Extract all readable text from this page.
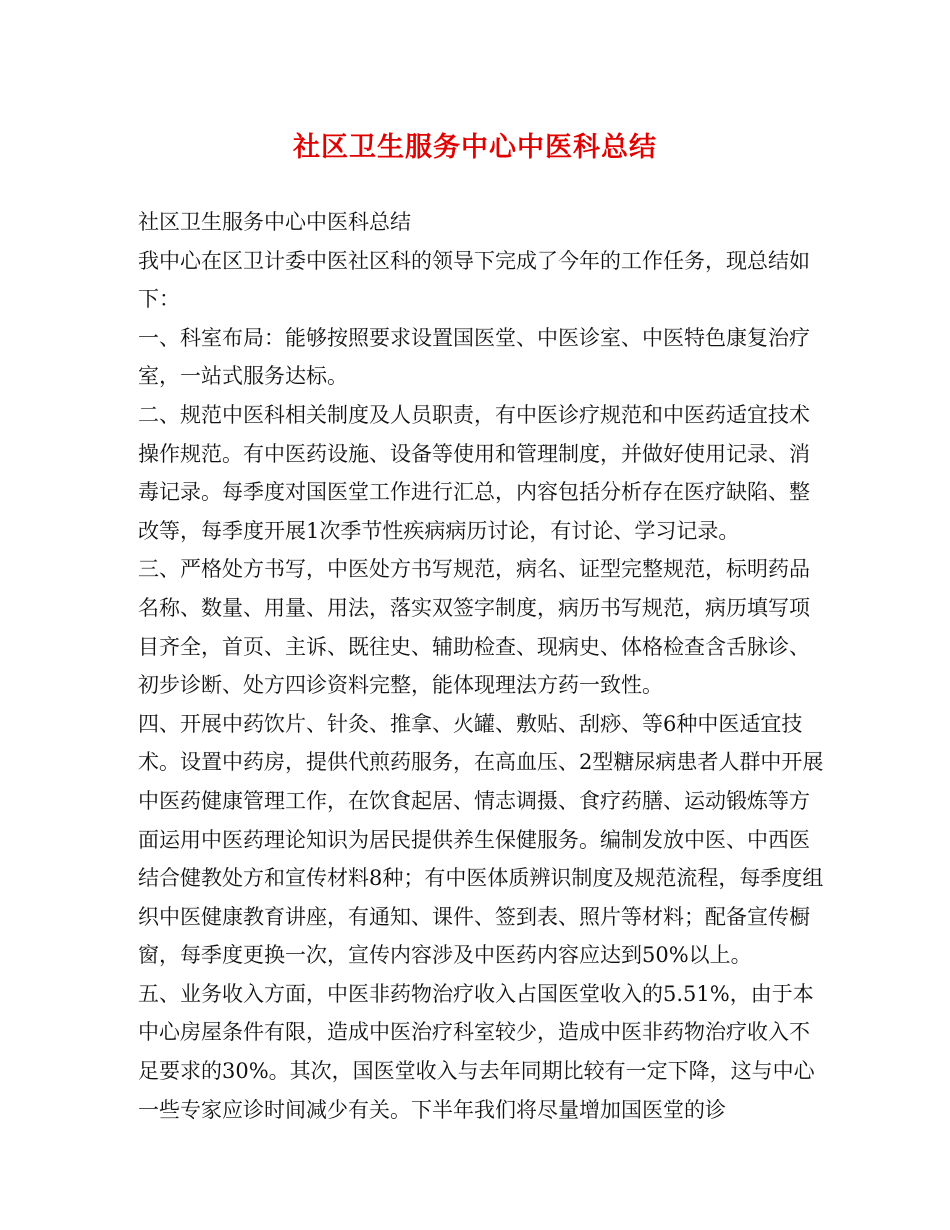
社区卫生服务中心中医科总结

社区卫生服务中心中医科总结

我中心在区卫计委中医社区科的领导下完成了今年的工作任务，现总结如下：

一、科室布局：能够按照要求设置国医堂、中医诊室、中医特色康复治疗室，一站式服务达标。

二、规范中医科相关制度及人员职责，有中医诊疗规范和中医药适宜技术操作规范。有中医药设施、设备等使用和管理制度，并做好使用记录、消毒记录。每季度对国医堂工作进行汇总，内容包括分析存在医疗缺陷、整改等，每季度开展1次季节性疾病病历讨论，有讨论、学习记录。

三、严格处方书写，中医处方书写规范，病名、证型完整规范，标明药品名称、数量、用量、用法，落实双签字制度，病历书写规范，病历填写项目齐全，首页、主诉、既往史、辅助检查、现病史、体格检查含舌脉诊、初步诊断、处方四诊资料完整，能体现理法方药一致性。

四、开展中药饮片、针灸、推拿、火罐、敷贴、刮痧、等6种中医适宜技术。设置中药房，提供代煎药服务，在高血压、2型糖尿病患者人群中开展中医药健康管理工作，在饮食起居、情志调摄、食疗药膳、运动锻炼等方面运用中医药理论知识为居民提供养生保健服务。编制发放中医、中西医结合健教处方和宣传材料8种；有中医体质辨识制度及规范流程，每季度组织中医健康教育讲座，有通知、课件、签到表、照片等材料；配备宣传橱窗，每季度更换一次，宣传内容涉及中医药内容应达到50%以上。

五、业务收入方面，中医非药物治疗收入占国医堂收入的5.51%，由于本中心房屋条件有限，造成中医治疗科室较少，造成中医非药物治疗收入不足要求的30%。其次，国医堂收入与去年同期比较有一定下降，这与中心一些专家应诊时间减少有关。下半年我们将尽量增加国医堂的诊
